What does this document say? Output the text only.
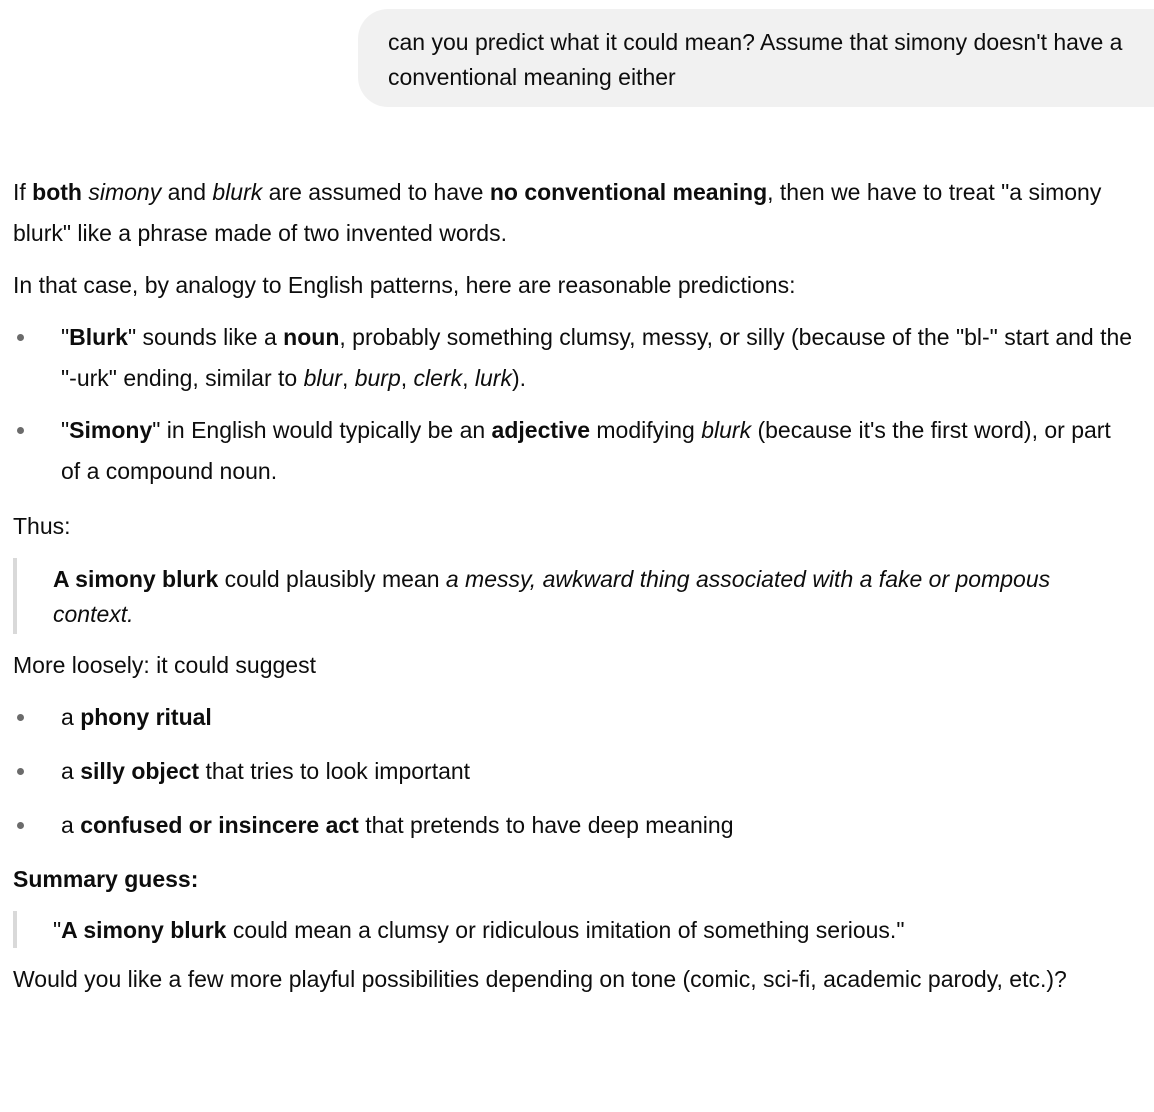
can you predict what it could mean? Assume that simony doesn't have a conventional meaning either

If both simony and blurk are assumed to have no conventional meaning, then we have to treat "a simony blurk" like a phrase made of two invented words.

In that case, by analogy to English patterns, here are reasonable predictions:

"Blurk" sounds like a noun, probably something clumsy, messy, or silly (because of the "bl-" start and the "-urk" ending, similar to blur, burp, clerk, lurk).
"Simony" in English would typically be an adjective modifying blurk (because it's the first word), or part of a compound noun.

Thus:

A simony blurk could plausibly mean a messy, awkward thing associated with a fake or pompous context.

More loosely: it could suggest

a phony ritual
a silly object that tries to look important
a confused or insincere act that pretends to have deep meaning

Summary guess:

"A simony blurk could mean a clumsy or ridiculous imitation of something serious."

Would you like a few more playful possibilities depending on tone (comic, sci-fi, academic parody, etc.)?
